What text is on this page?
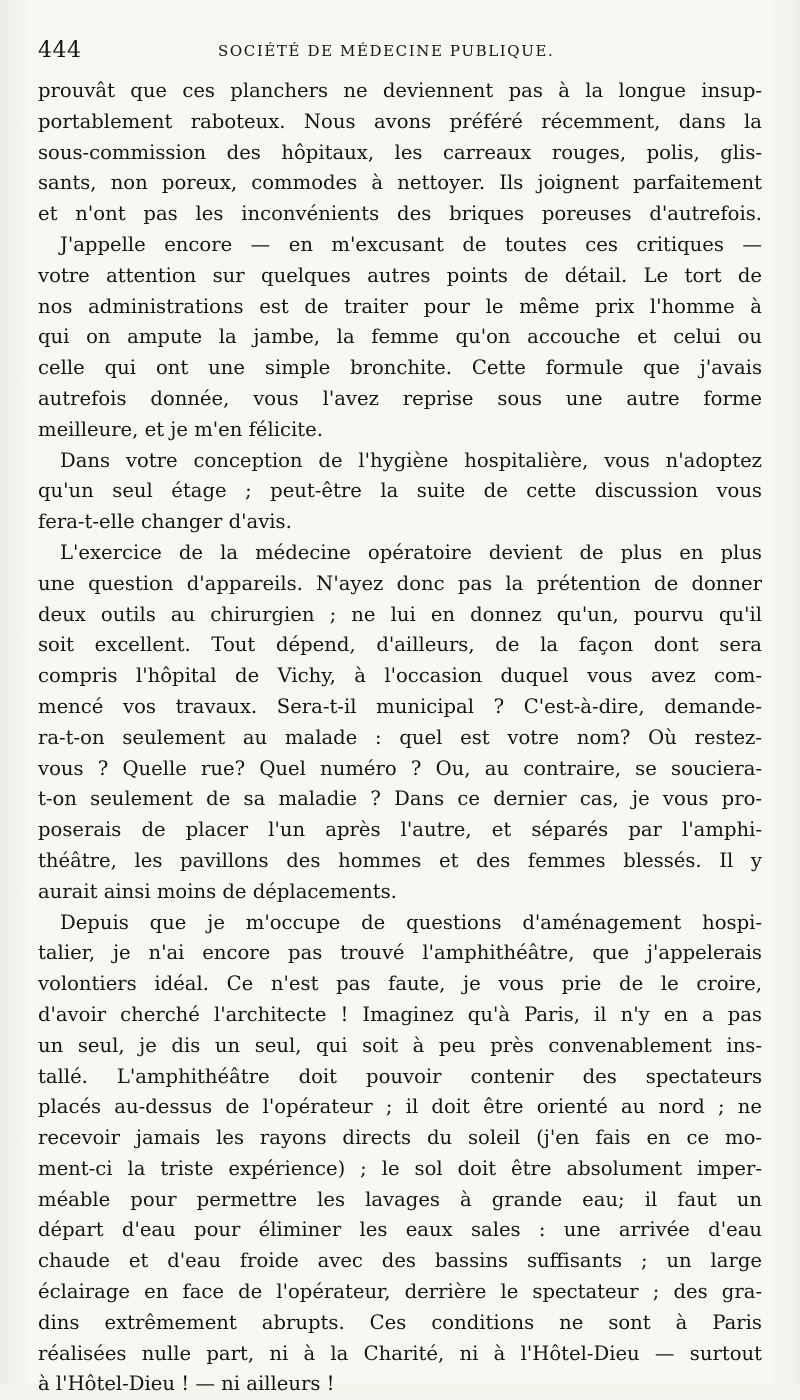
444	SOCIÉTÉ DE MÉDECINE PUBLIQUE.
prouvât que ces planchers ne deviennent pas à la longue insup-
portablement raboteux. Nous avons préféré récemment, dans la
sous-commission des hôpitaux, les carreaux rouges, polis, glis-
sants, non poreux, commodes à nettoyer. Ils joignent parfaitement
et n'ont pas les inconvénients des briques poreuses d'autrefois.
J'appelle encore — en m'excusant de toutes ces critiques —
votre attention sur quelques autres points de détail. Le tort de
nos administrations est de traiter pour le même prix l'homme à
qui on ampute la jambe, la femme qu'on accouche et celui ou
celle qui ont une simple bronchite. Cette formule que j'avais
autrefois donnée, vous l'avez reprise sous une autre forme
meilleure, et je m'en félicite.
Dans votre conception de l'hygiène hospitalière, vous n'adoptez
qu'un seul étage ; peut-être la suite de cette discussion vous
fera-t-elle changer d'avis.
L'exercice de la médecine opératoire devient de plus en plus
une question d'appareils. N'ayez donc pas la prétention de donner
deux outils au chirurgien ; ne lui en donnez qu'un, pourvu qu'il
soit excellent. Tout dépend, d'ailleurs, de la façon dont sera
compris l'hôpital de Vichy, à l'occasion duquel vous avez com-
mencé vos travaux. Sera-t-il municipal ? C'est-à-dire, demande-
ra-t-on seulement au malade : quel est votre nom? Où restez-
vous ? Quelle rue? Quel numéro ? Ou, au contraire, se souciera-
t-on seulement de sa maladie ? Dans ce dernier cas, je vous pro-
poserais de placer l'un après l'autre, et séparés par l'amphi-
théâtre, les pavillons des hommes et des femmes blessés. Il y
aurait ainsi moins de déplacements.
Depuis que je m'occupe de questions d'aménagement hospi-
talier, je n'ai encore pas trouvé l'amphithéâtre, que j'appelerais
volontiers idéal. Ce n'est pas faute, je vous prie de le croire,
d'avoir cherché l'architecte ! Imaginez qu'à Paris, il n'y en a pas
un seul, je dis un seul, qui soit à peu près convenablement ins-
tallé. L'amphithéâtre doit pouvoir contenir des spectateurs
placés au-dessus de l'opérateur ; il doit être orienté au nord ; ne
recevoir jamais les rayons directs du soleil (j'en fais en ce mo-
ment-ci la triste expérience) ; le sol doit être absolument imper-
méable pour permettre les lavages à grande eau; il faut un
départ d'eau pour éliminer les eaux sales : une arrivée d'eau
chaude et d'eau froide avec des bassins suffisants ; un large
éclairage en face de l'opérateur, derrière le spectateur ; des gra-
dins extrêmement abrupts. Ces conditions ne sont à Paris
réalisées nulle part, ni à la Charité, ni à l'Hôtel-Dieu — surtout
à l'Hôtel-Dieu ! — ni ailleurs !
